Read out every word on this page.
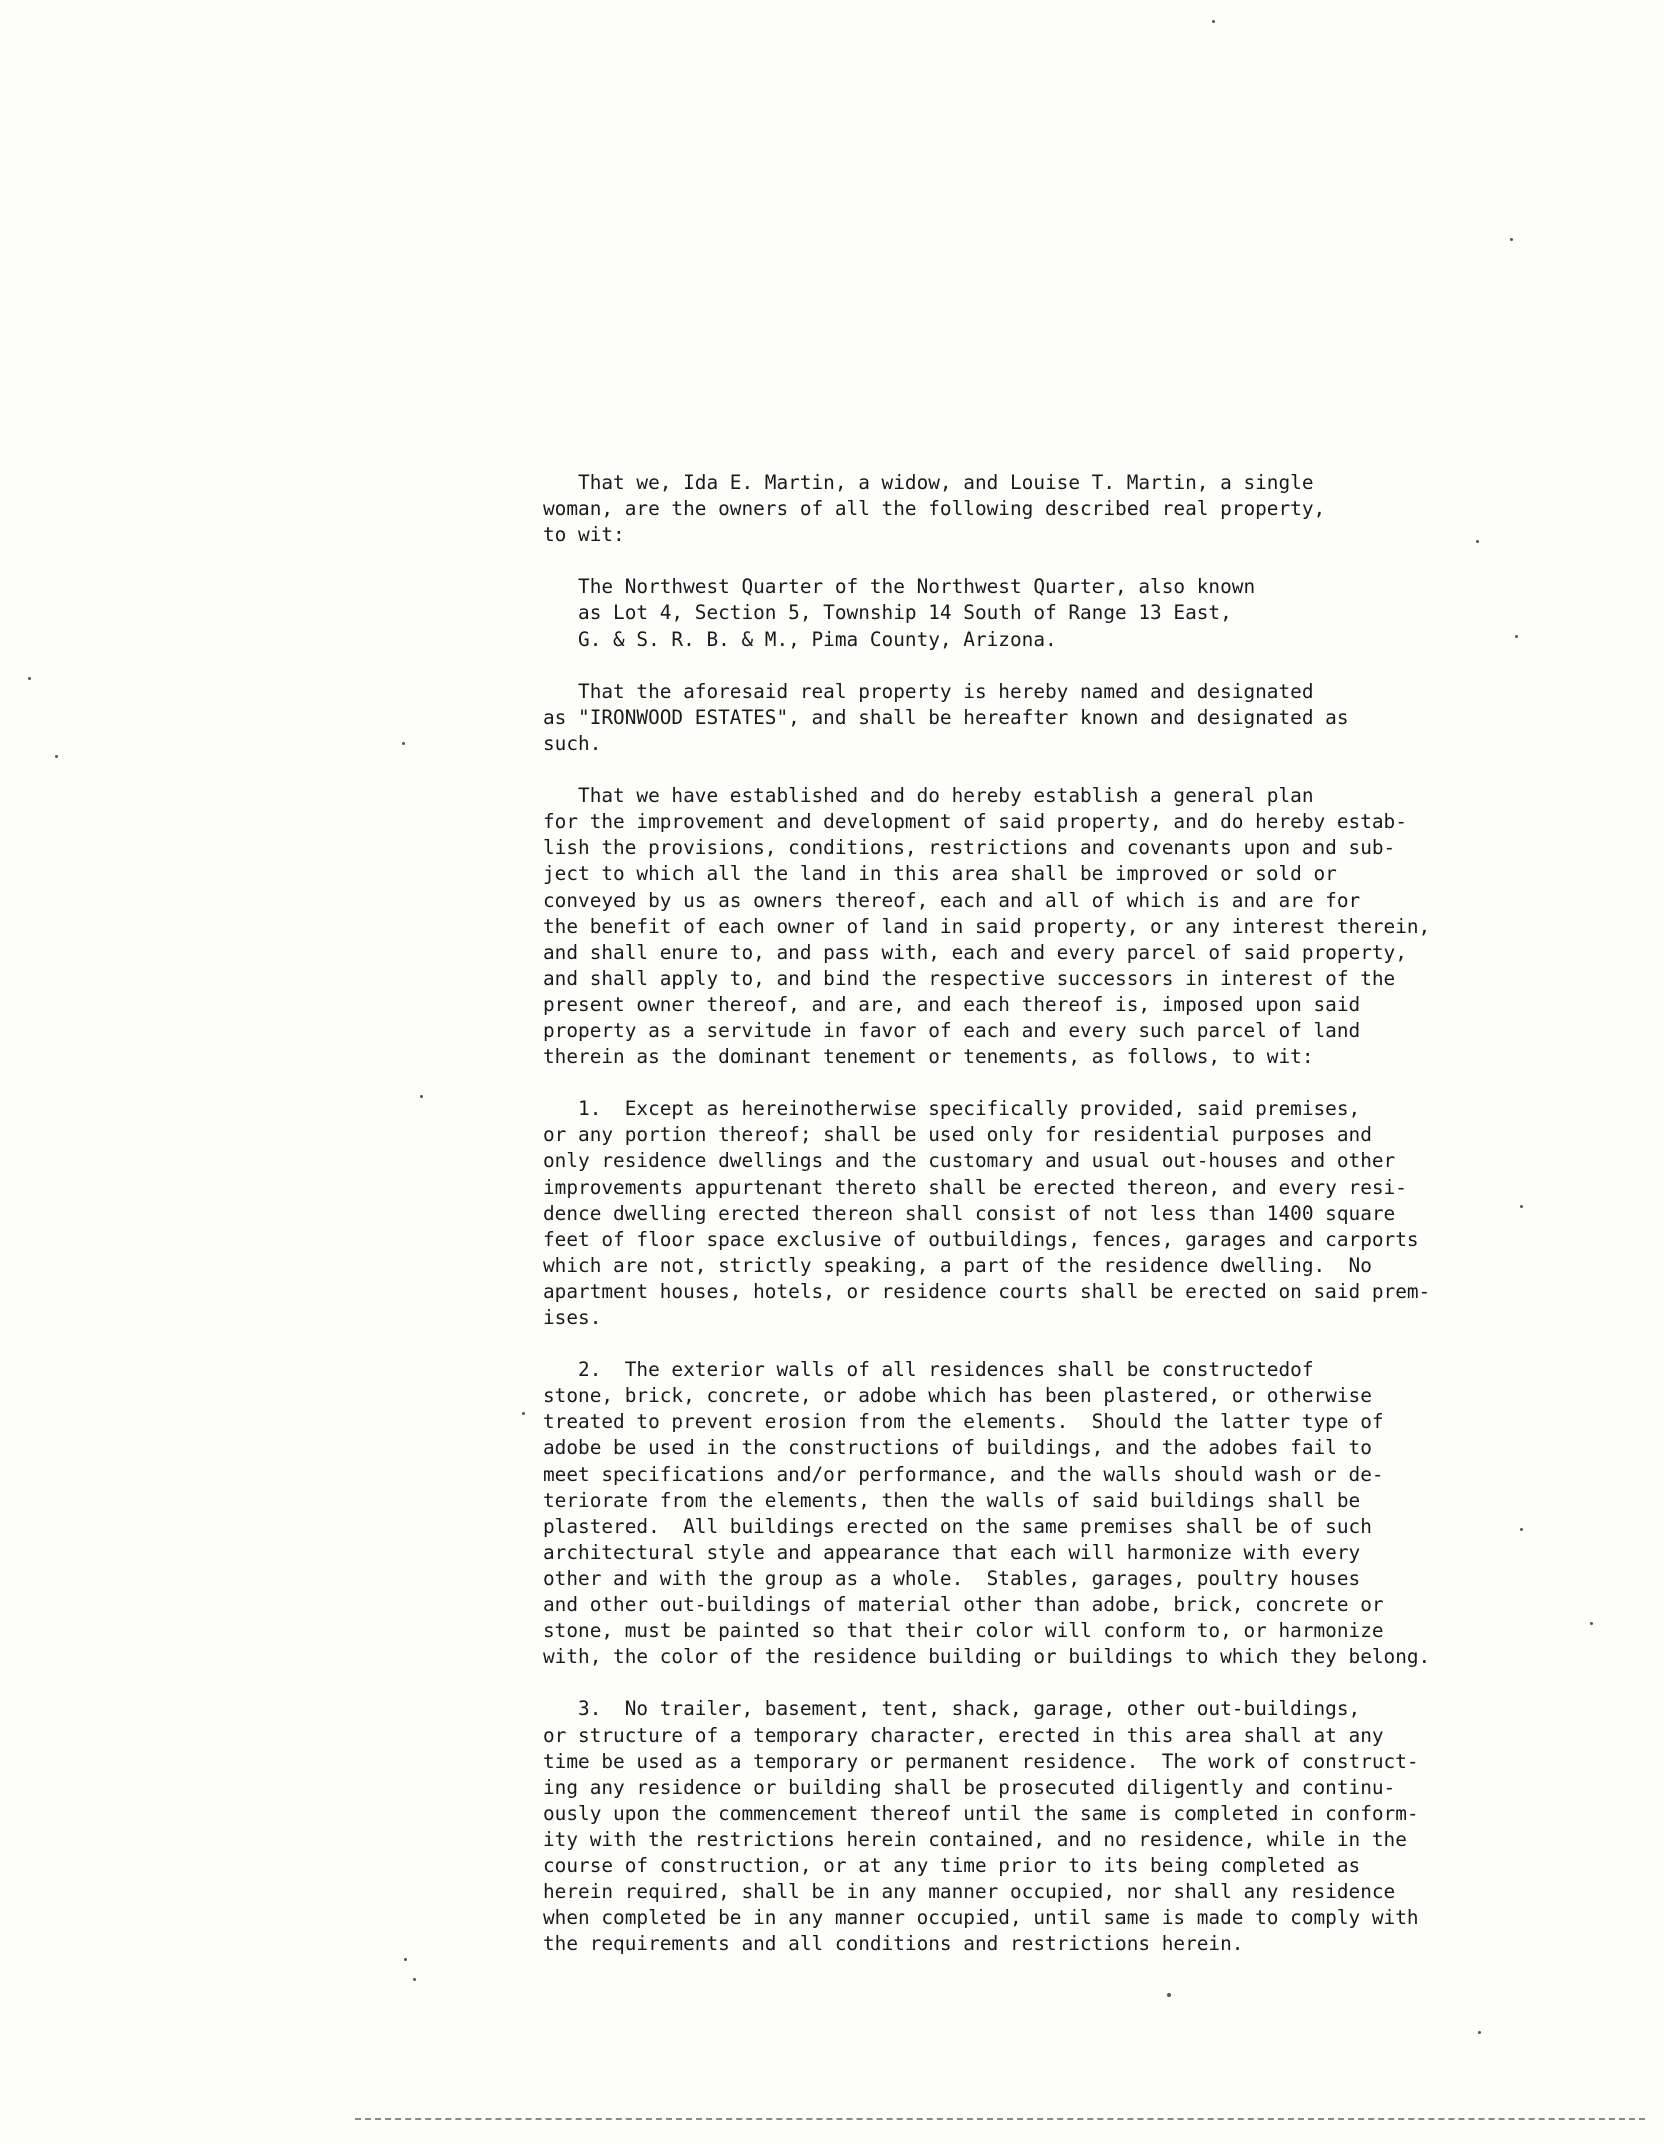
That we, Ida E. Martin, a widow, and Louise T. Martin, a single
woman, are the owners of all the following described real property,
to wit:
The Northwest Quarter of the Northwest Quarter, also known
as Lot 4, Section 5, Township 14 South of Range 13 East,
G. & S. R. B. & M., Pima County, Arizona.
That the aforesaid real property is hereby named and designated
as "IRONWOOD ESTATES", and shall be hereafter known and designated as
such.
That we have established and do hereby establish a general plan
for the improvement and development of said property, and do hereby estab-
lish the provisions, conditions, restrictions and covenants upon and sub-
ject to which all the land in this area shall be improved or sold or
conveyed by us as owners thereof, each and all of which is and are for
the benefit of each owner of land in said property, or any interest therein,
and shall enure to, and pass with, each and every parcel of said property,
and shall apply to, and bind the respective successors in interest of the
present owner thereof, and are, and each thereof is, imposed upon said
property as a servitude in favor of each and every such parcel of land
therein as the dominant tenement or tenements, as follows, to wit:
1.  Except as hereinotherwise specifically provided, said premises,
or any portion thereof; shall be used only for residential purposes and
only residence dwellings and the customary and usual out-houses and other
improvements appurtenant thereto shall be erected thereon, and every resi-
dence dwelling erected thereon shall consist of not less than 1400 square
feet of floor space exclusive of outbuildings, fences, garages and carports
which are not, strictly speaking, a part of the residence dwelling.  No
apartment houses, hotels, or residence courts shall be erected on said prem-
ises.
2.  The exterior walls of all residences shall be constructedof
stone, brick, concrete, or adobe which has been plastered, or otherwise
treated to prevent erosion from the elements.  Should the latter type of
adobe be used in the constructions of buildings, and the adobes fail to
meet specifications and/or performance, and the walls should wash or de-
teriorate from the elements, then the walls of said buildings shall be
plastered.  All buildings erected on the same premises shall be of such
architectural style and appearance that each will harmonize with every
other and with the group as a whole.  Stables, garages, poultry houses
and other out-buildings of material other than adobe, brick, concrete or
stone, must be painted so that their color will conform to, or harmonize
with, the color of the residence building or buildings to which they belong.
3.  No trailer, basement, tent, shack, garage, other out-buildings,
or structure of a temporary character, erected in this area shall at any
time be used as a temporary or permanent residence.  The work of construct-
ing any residence or building shall be prosecuted diligently and continu-
ously upon the commencement thereof until the same is completed in conform-
ity with the restrictions herein contained, and no residence, while in the
course of construction, or at any time prior to its being completed as
herein required, shall be in any manner occupied, nor shall any residence
when completed be in any manner occupied, until same is made to comply with
the requirements and all conditions and restrictions herein.
